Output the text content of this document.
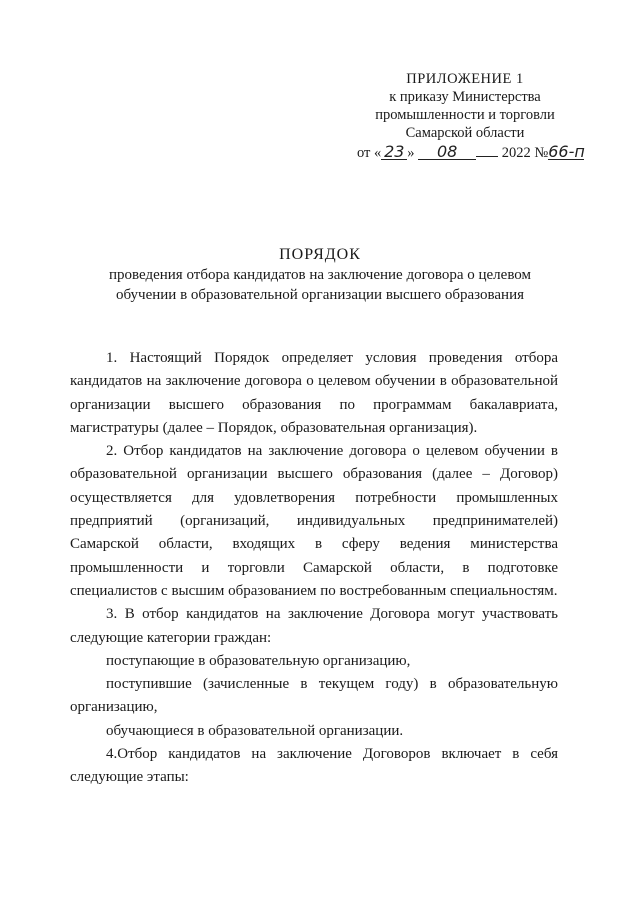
ПРИЛОЖЕНИЕ 1
к приказу Министерства
промышленности и торговли
Самарской области
от « 23 » 08	2022 №66-п
ПОРЯДОК
проведения отбора кандидатов на заключение договора о целевом
обучении в образовательной организации высшего образования

1. Настоящий Порядок определяет условия проведения отбора кандидатов на заключение договора о целевом обучении в образовательной организации высшего образования по программам бакалавриата, магистратуры (далее – Порядок, образовательная организация).

2. Отбор кандидатов на заключение договора о целевом обучении в образовательной организации высшего образования (далее – Договор) осуществляется для удовлетворения потребности промышленных предприятий (организаций, индивидуальных предпринимателей) Самарской области, входящих в сферу ведения министерства промышленности и торговли Самарской области, в подготовке специалистов с высшим образованием по востребованным специальностям.

3. В отбор кандидатов на заключение Договора могут участвовать следующие категории граждан:

поступающие в образовательную организацию,

поступившие (зачисленные в текущем году) в образовательную организацию,

обучающиеся в образовательной организации.

4.Отбор кандидатов на заключение Договоров включает в себя следующие этапы:
